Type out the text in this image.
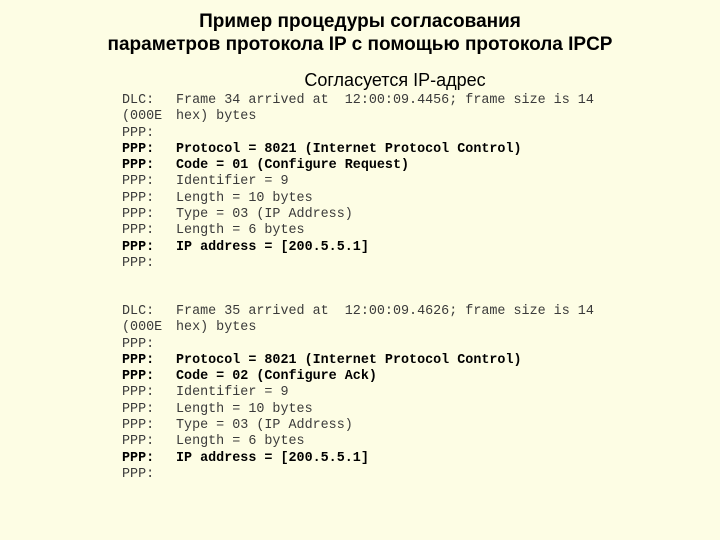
Пример процедуры согласования
параметров протокола IP с помощью протокола IPCP
Согласуется IP-адрес
DLC: Frame 34 arrived at  12:00:09.4456; frame size is 14
(000E hex) bytes
PPP:
PPP: Protocol = 8021 (Internet Protocol Control)
PPP: Code = 01 (Configure Request)
PPP: Identifier = 9
PPP: Length = 10 bytes
PPP: Type = 03 (IP Address)
PPP: Length = 6 bytes
PPP: IP address = [200.5.5.1]
PPP:
DLC: Frame 35 arrived at  12:00:09.4626; frame size is 14
(000E hex) bytes
PPP:
PPP: Protocol = 8021 (Internet Protocol Control)
PPP: Code = 02 (Configure Ack)
PPP: Identifier = 9
PPP: Length = 10 bytes
PPP: Type = 03 (IP Address)
PPP: Length = 6 bytes
PPP: IP address = [200.5.5.1]
PPP:
